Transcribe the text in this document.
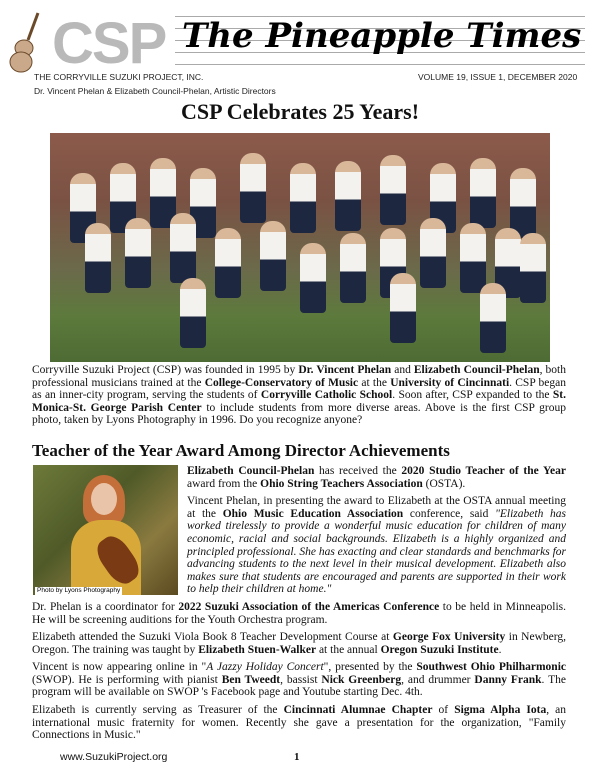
CSP The Pineapple Times
THE CORRYVILLE SUZUKI PROJECT, INC.
Dr. Vincent Phelan & Elizabeth Council-Phelan, Artistic Directors
VOLUME 19, ISSUE 1, DECEMBER 2020
CSP Celebrates 25 Years!
Corryville Suzuki Project (CSP) was founded in 1995 by Dr. Vincent Phelan and Elizabeth Council-Phelan, both professional musicians trained at the College-Conservatory of Music at the University of Cincinnati. CSP began as an inner-city program, serving the students of Corryville Catholic School. Soon after, CSP expanded to the St. Monica-St. George Parish Center to include students from more diverse areas. Above is the first CSP group photo, taken by Lyons Photography in 1996. Do you recognize anyone?
Teacher of the Year Award Among Director Achievements
Photo by Lyons Photography
Elizabeth Council-Phelan has received the 2020 Studio Teacher of the Year award from the Ohio String Teachers Association (OSTA).
Vincent Phelan, in presenting the award to Elizabeth at the OSTA annual meeting at the Ohio Music Education Association conference, said "Elizabeth has worked tirelessly to provide a wonderful music education for children of many economic, racial and social backgrounds. Elizabeth is a highly organized and principled professional. She has exacting and clear standards and benchmarks for advancing students to the next level in their musical development. Elizabeth also makes sure that students are encouraged and parents are supported in their work to help their children at home."
Dr. Phelan is a coordinator for 2022 Suzuki Association of the Americas Conference to be held in Minneapolis. He will be screening auditions for the Youth Orchestra program.
Elizabeth attended the Suzuki Viola Book 8 Teacher Development Course at George Fox University in Newberg, Oregon. The training was taught by Elizabeth Stuen-Walker at the annual Oregon Suzuki Institute.
Vincent is now appearing online in "A Jazzy Holiday Concert", presented by the Southwest Ohio Philharmonic (SWOP). He is performing with pianist Ben Tweedt, bassist Nick Greenberg, and drummer Danny Frank. The program will be available on SWOP 's Facebook page and Youtube starting Dec. 4th.
Elizabeth is currently serving as Treasurer of the Cincinnati Alumnae Chapter of Sigma Alpha Iota, an international music fraternity for women. Recently she gave a presentation for the organization, "Family Connections in Music."
www.SuzukiProject.org	1
